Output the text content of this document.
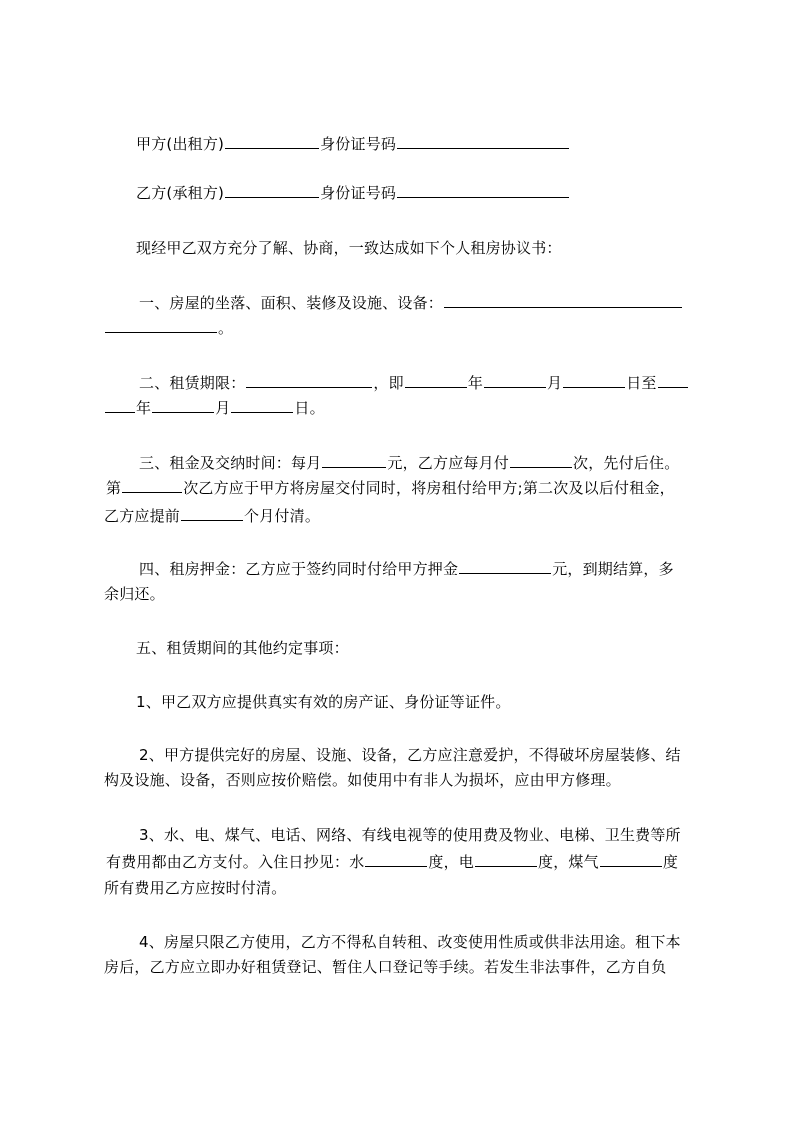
甲方(出租方)	身份证号码
乙方(承租方)	身份证号码
现经甲乙双方充分了解、协商，一致达成如下个人租房协议书：
一、房屋的坐落、面积、装修及设施、设备：
。
二、租赁期限：	，即	年	月	日至
年	月	日。
三、租金及交纳时间：每月	元，乙方应每月付	次，先付后住。
第	次乙方应于甲方将房屋交付同时，将房租付给甲方;第二次及以后付租金，
乙方应提前	个月付清。
四、租房押金：乙方应于签约同时付给甲方押金	元，到期结算，多
余归还。
五、租赁期间的其他约定事项：
1、甲乙双方应提供真实有效的房产证、身份证等证件。
2、甲方提供完好的房屋、设施、设备，乙方应注意爱护，不得破坏房屋装修、结
构及设施、设备，否则应按价赔偿。如使用中有非人为损坏，应由甲方修理。
3、水、电、煤气、电话、网络、有线电视等的使用费及物业、电梯、卫生费等所
有费用都由乙方支付。入住日抄见：水	度，电	度，煤气	度
所有费用乙方应按时付清。
4、房屋只限乙方使用，乙方不得私自转租、改变使用性质或供非法用途。租下本
房后，乙方应立即办好租赁登记、暂住人口登记等手续。若发生非法事件，乙方自负
